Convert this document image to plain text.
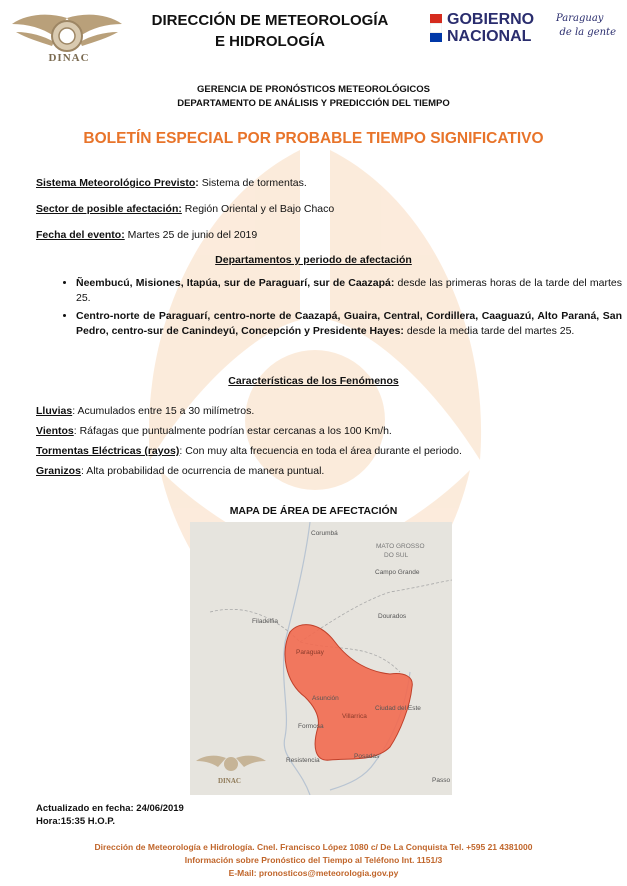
DINAC
DIRECCIÓN DE METEOROLOGÍA
E HIDROLOGÍA
GOBIERNO
NACIONAL
Paraguay
de la gente
GERENCIA DE PRONÓSTICOS METEOROLÓGICOS
DEPARTAMENTO DE ANÁLISIS Y PREDICCIÓN DEL TIEMPO
BOLETÍN ESPECIAL POR PROBABLE TIEMPO SIGNIFICATIVO
Sistema Meteorológico Previsto: Sistema de tormentas.
Sector de posible afectación: Región Oriental y el Bajo Chaco
Fecha del evento: Martes 25 de junio del 2019
Departamentos y periodo de afectación
• Ñeembucú, Misiones, Itapúa, sur de Paraguarí, sur de Caazapá: desde las primeras horas de la tarde del martes 25.
• Centro-norte de Paraguarí, centro-norte de Caazapá, Guaira, Central, Cordillera, Caaguazú, Alto Paraná, San Pedro, centro-sur de Canindeyú, Concepción y Presidente Hayes: desde la media tarde del martes 25.
Características de los Fenómenos
Lluvias: Acumulados entre 15 a 30 milímetros.
Vientos: Ráfagas que puntualmente podrían estar cercanas a los 100 Km/h.
Tormentas Eléctricas (rayos): Con muy alta frecuencia en toda el área durante el periodo.
Granizos: Alta probabilidad de ocurrencia de manera puntual.
MAPA DE ÁREA DE AFECTACIÓN
Corumbá
MATO GROSSO
DO SUL
Campo Grande
Dourados
Filadelfia
Paraguay
Asunción
Ciudad del Este
Villarrica
Formosa
Resistencia
Posadas
Passo
DINAC
Actualizado en fecha: 24/06/2019
Hora:15:35 H.O.P.
Dirección de Meteorología e Hidrología. Cnel. Francisco López 1080 c/ De La Conquista Tel. +595 21 4381000
Información sobre Pronóstico del Tiempo al Teléfono Int. 1151/3
E-Mail: pronosticos@meteorologia.gov.py
